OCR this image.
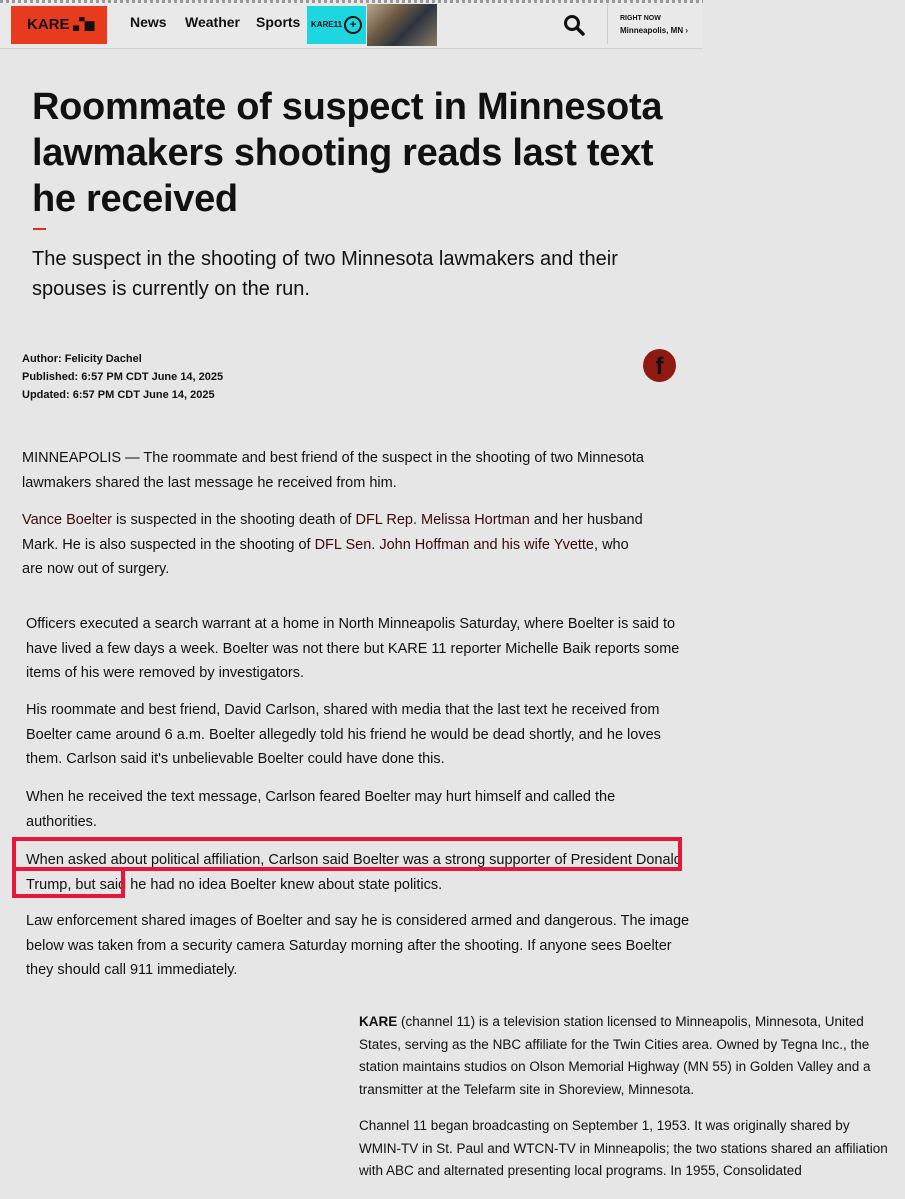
KARE	News Weather Sports	KARE11 +
RIGHT NOW
Minneapolis, MN ›
Roommate of suspect in Minnesota lawmakers shooting reads last text he received
The suspect in the shooting of two Minnesota lawmakers and their spouses is currently on the run.
Author: Felicity Dachel
Published: 6:57 PM CDT June 14, 2025
Updated: 6:57 PM CDT June 14, 2025
f

MINNEAPOLIS — The roommate and best friend of the suspect in the shooting of two Minnesota lawmakers shared the last message he received from him.

Vance Boelter is suspected in the shooting death of DFL Rep. Melissa Hortman and her husband Mark. He is also suspected in the shooting of DFL Sen. John Hoffman and his wife Yvette, who are now out of surgery.

Officers executed a search warrant at a home in North Minneapolis Saturday, where Boelter is said to have lived a few days a week. Boelter was not there but KARE 11 reporter Michelle Baik reports some items of his were removed by investigators.

His roommate and best friend, David Carlson, shared with media that the last text he received from Boelter came around 6 a.m. Boelter allegedly told his friend he would be dead shortly, and he loves them. Carlson said it's unbelievable Boelter could have done this.

When he received the text message, Carlson feared Boelter may hurt himself and called the authorities.

When asked about political affiliation, Carlson said Boelter was a strong supporter of President Donald Trump, but said he had no idea Boelter knew about state politics.

Law enforcement shared images of Boelter and say he is considered armed and dangerous. The image below was taken from a security camera Saturday morning after the shooting. If anyone sees Boelter they should call 911 immediately.

KARE (channel 11) is a television station licensed to Minneapolis, Minnesota, United States, serving as the NBC affiliate for the Twin Cities area. Owned by Tegna Inc., the station maintains studios on Olson Memorial Highway (MN 55) in Golden Valley and a transmitter at the Telefarm site in Shoreview, Minnesota.

Channel 11 began broadcasting on September 1, 1953. It was originally shared by WMIN-TV in St. Paul and WTCN-TV in Minneapolis; the two stations shared an affiliation with ABC and alternated presenting local programs. In 1955, Consolidated
